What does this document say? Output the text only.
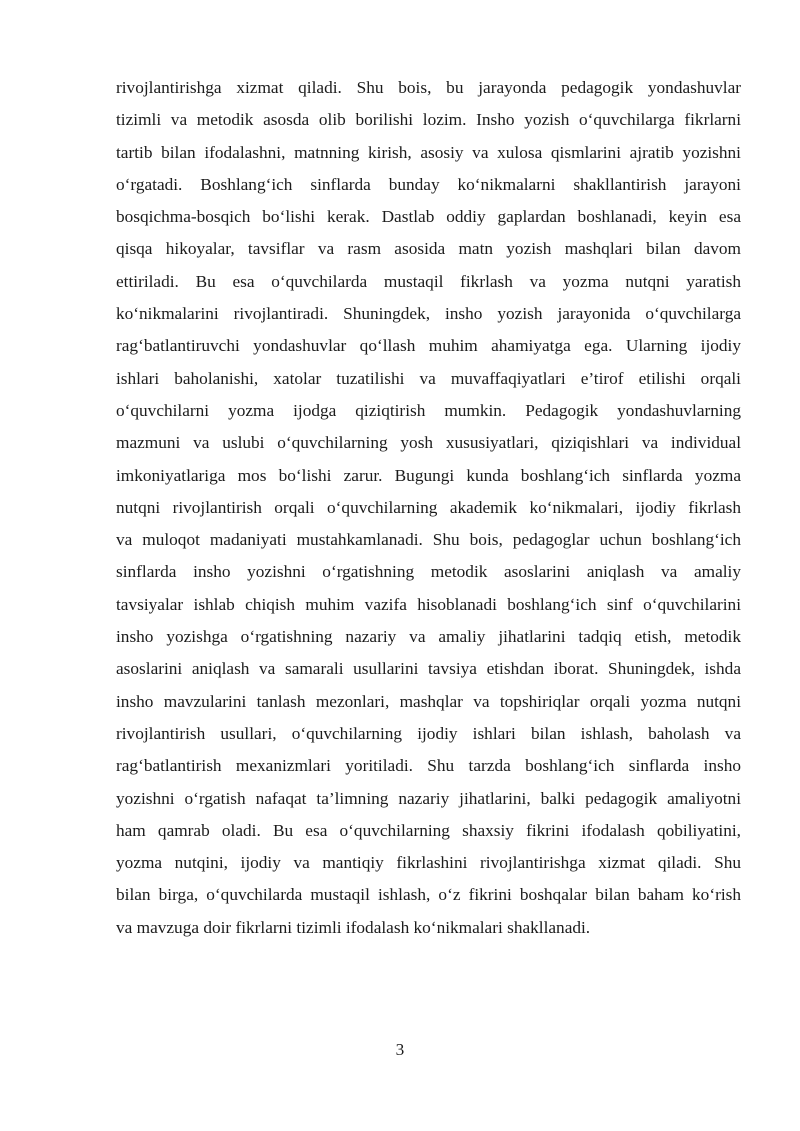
rivojlantirishga xizmat qiladi. Shu bois, bu jarayonda pedagogik yondashuvlar
tizimli va metodik asosda olib borilishi lozim. Insho yozish o‘quvchilarga fikrlarni
tartib bilan ifodalashni, matnning kirish, asosiy va xulosa qismlarini ajratib yozishni
o‘rgatadi. Boshlang‘ich sinflarda bunday ko‘nikmalarni shakllantirish jarayoni
bosqichma-bosqich bo‘lishi kerak. Dastlab oddiy gaplardan boshlanadi, keyin esa
qisqa hikoyalar, tavsiflar va rasm asosida matn yozish mashqlari bilan davom
ettiriladi. Bu esa o‘quvchilarda mustaqil fikrlash va yozma nutqni yaratish
ko‘nikmalarini rivojlantiradi. Shuningdek, insho yozish jarayonida o‘quvchilarga
rag‘batlantiruvchi yondashuvlar qo‘llash muhim ahamiyatga ega. Ularning ijodiy
ishlari baholanishi, xatolar tuzatilishi va muvaffaqiyatlari e’tirof etilishi orqali
o‘quvchilarni yozma ijodga qiziqtirish mumkin. Pedagogik yondashuvlarning
mazmuni va uslubi o‘quvchilarning yosh xususiyatlari, qiziqishlari va individual
imkoniyatlariga mos bo‘lishi zarur. Bugungi kunda boshlang‘ich sinflarda yozma
nutqni rivojlantirish orqali o‘quvchilarning akademik ko‘nikmalari, ijodiy fikrlash
va muloqot madaniyati mustahkamlanadi. Shu bois, pedagoglar uchun boshlang‘ich
sinflarda insho yozishni o‘rgatishning metodik asoslarini aniqlash va amaliy
tavsiyalar ishlab chiqish muhim vazifa hisoblanadi boshlang‘ich sinf o‘quvchilarini
insho yozishga o‘rgatishning nazariy va amaliy jihatlarini tadqiq etish, metodik
asoslarini aniqlash va samarali usullarini tavsiya etishdan iborat. Shuningdek, ishda
insho mavzularini tanlash mezonlari, mashqlar va topshiriqlar orqali yozma nutqni
rivojlantirish usullari, o‘quvchilarning ijodiy ishlari bilan ishlash, baholash va
rag‘batlantirish mexanizmlari yoritiladi. Shu tarzda boshlang‘ich sinflarda insho
yozishni o‘rgatish nafaqat ta’limning nazariy jihatlarini, balki pedagogik amaliyotni
ham qamrab oladi. Bu esa o‘quvchilarning shaxsiy fikrini ifodalash qobiliyatini,
yozma nutqini, ijodiy va mantiqiy fikrlashini rivojlantirishga xizmat qiladi. Shu
bilan birga, o‘quvchilarda mustaqil ishlash, o‘z fikrini boshqalar bilan baham ko‘rish
va mavzuga doir fikrlarni tizimli ifodalash ko‘nikmalari shakllanadi.
3
